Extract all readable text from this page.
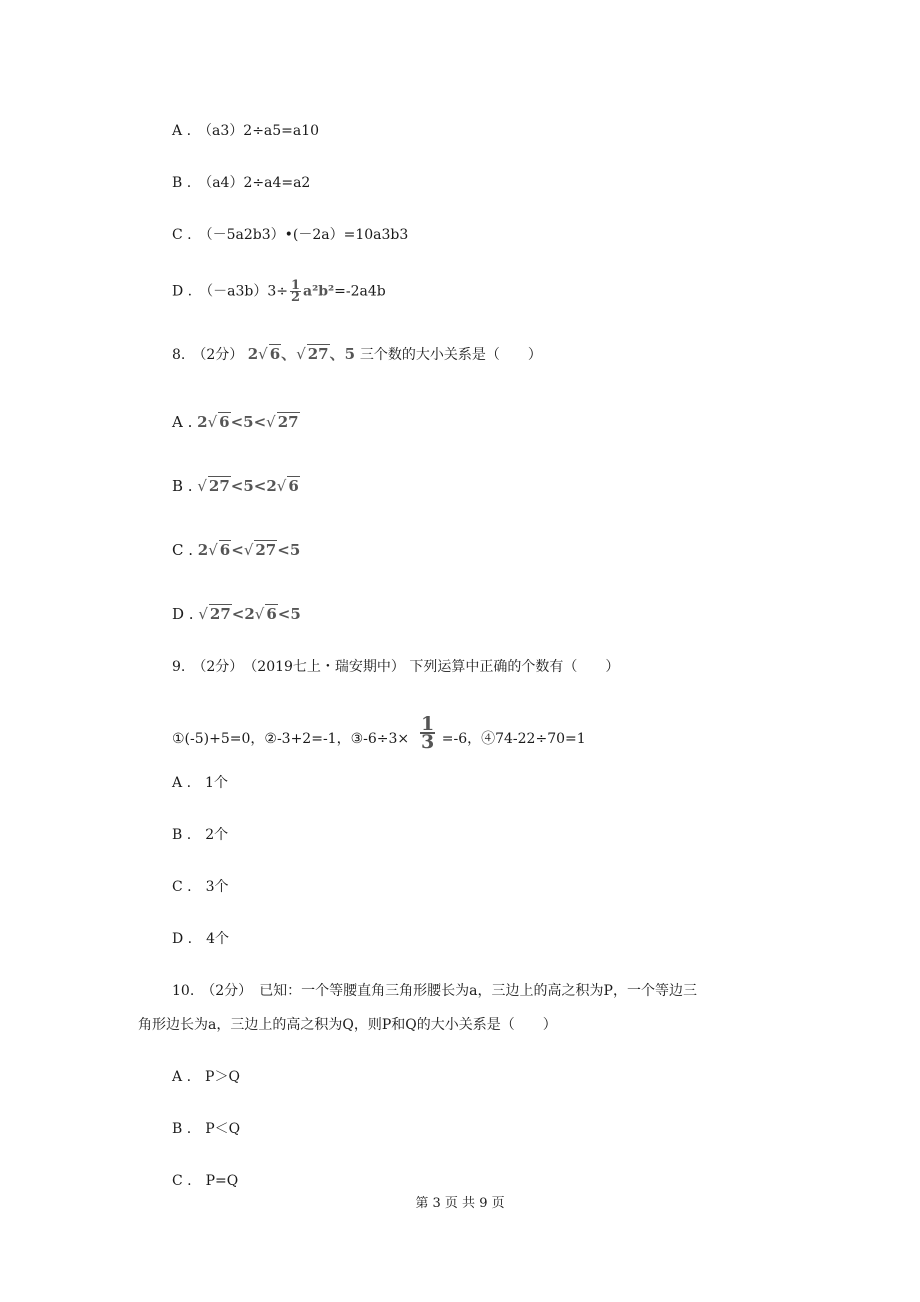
A .　（a3）2÷a5=a10
B .　（a4）2÷a4=a2
C .　（－5a2b3）•(－2a）=10a3b3
D .　$(-a3b)3\div \frac{1}{2} a^2b^2=-2a4b$
8.　 （2分） 2√ 6、√ 27、5 三个数的大小关系是（　　）
A . 2√ 6<5<√ 27
B . √ 27<5<2√ 6
C . 2√ 6<√ 27<5
D . √ 27<2√ 6<5
9.　 （2分）　 （2019七上・瑞安期中） 下列运算中正确的个数有（　　）
①(-5)+5=0，②-3+2=-1，③-6÷3× $\frac{1}{3} =-6$，④74-22÷70=1
A .　1个
B .　2个
C .　3个
D .　4个
10.　 （2分）　 已知：一个等腰直角三角形腰长为a，三边上的高之积为P，一个等边三
角形边长为a，三边上的高之积为Q，则P和Q的大小关系是（　　）
A .　P＞Q
B .　P＜Q
C .　P=Q
第 3 页 共 9 页
